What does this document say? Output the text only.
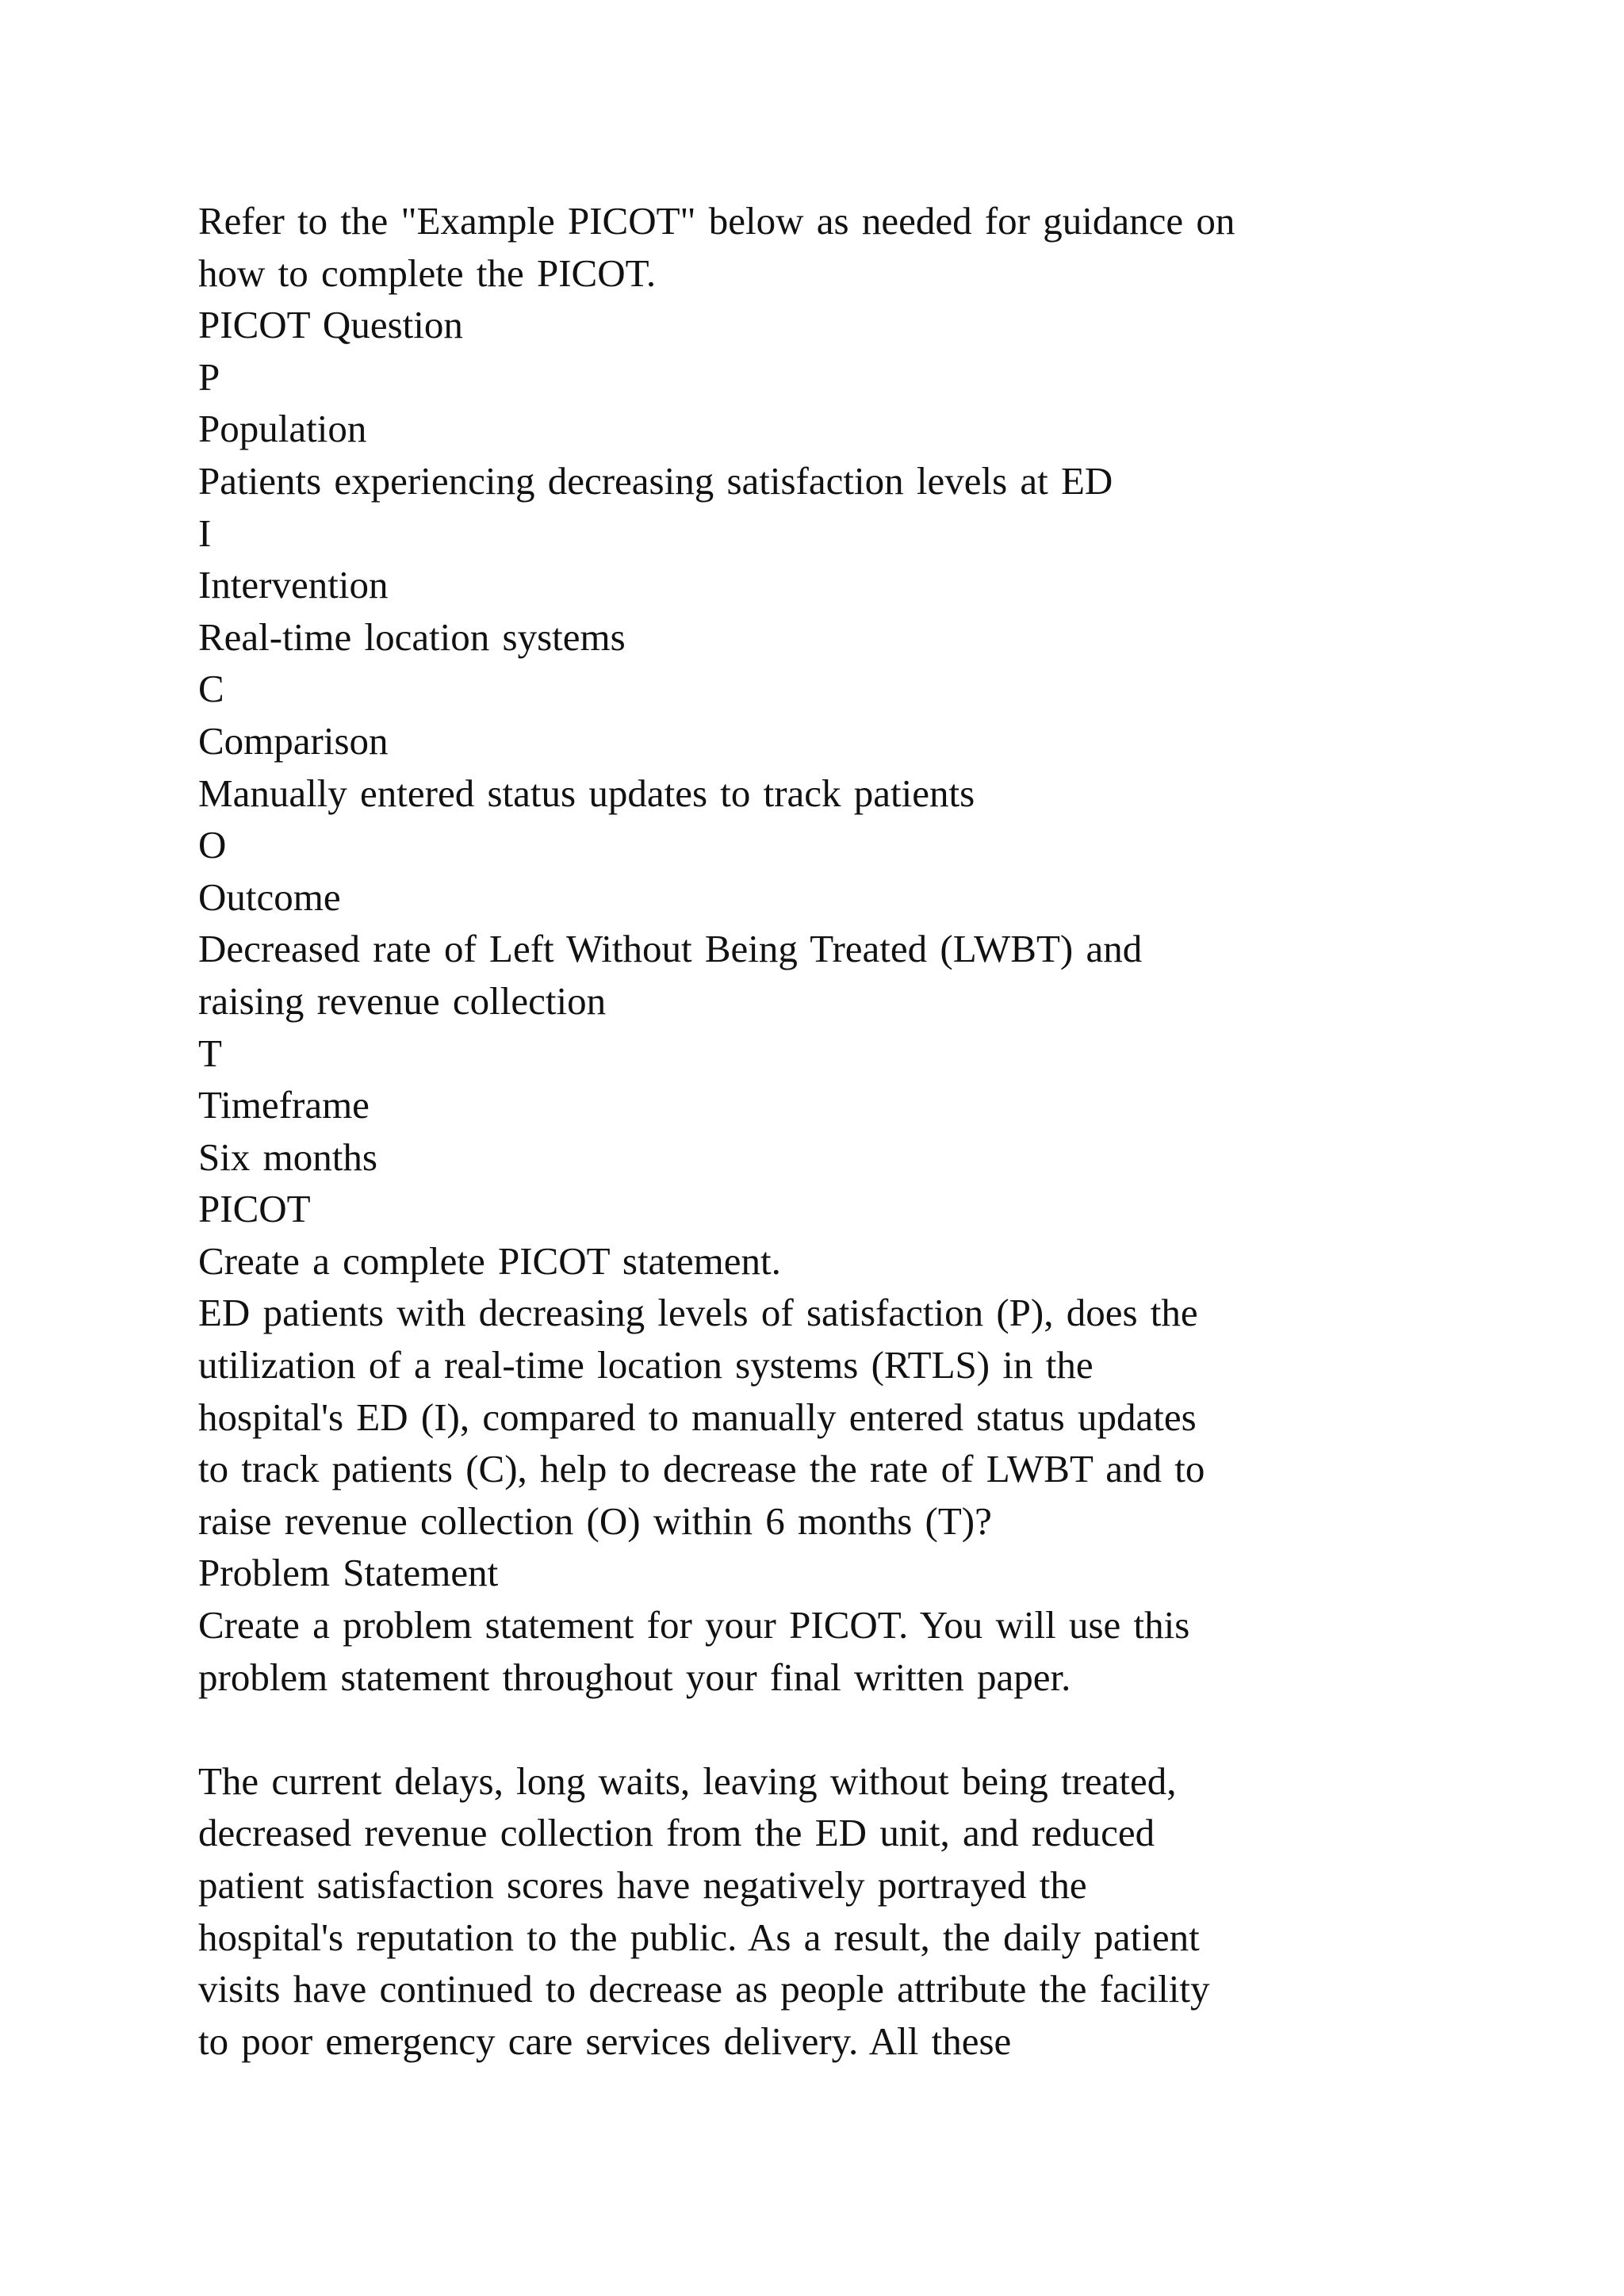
Refer to the "Example PICOT" below as needed for guidance on
how to complete the PICOT.
PICOT Question
P
Population
Patients experiencing decreasing satisfaction levels at ED
I
Intervention
Real-time location systems
C
Comparison
Manually entered status updates to track patients
O
Outcome
Decreased rate of Left Without Being Treated (LWBT) and
raising revenue collection
T
Timeframe
Six months
PICOT
Create a complete PICOT statement.
ED patients with decreasing levels of satisfaction (P), does the
utilization of a real-time location systems (RTLS) in the
hospital's ED (I), compared to manually entered status updates
to track patients (C), help to decrease the rate of LWBT and to
raise revenue collection (O) within 6 months (T)?
Problem Statement
Create a problem statement for your PICOT. You will use this
problem statement throughout your final written paper.
The current delays, long waits, leaving without being treated,
decreased revenue collection from the ED unit, and reduced
patient satisfaction scores have negatively portrayed the
hospital's reputation to the public. As a result, the daily patient
visits have continued to decrease as people attribute the facility
to poor emergency care services delivery. All these
